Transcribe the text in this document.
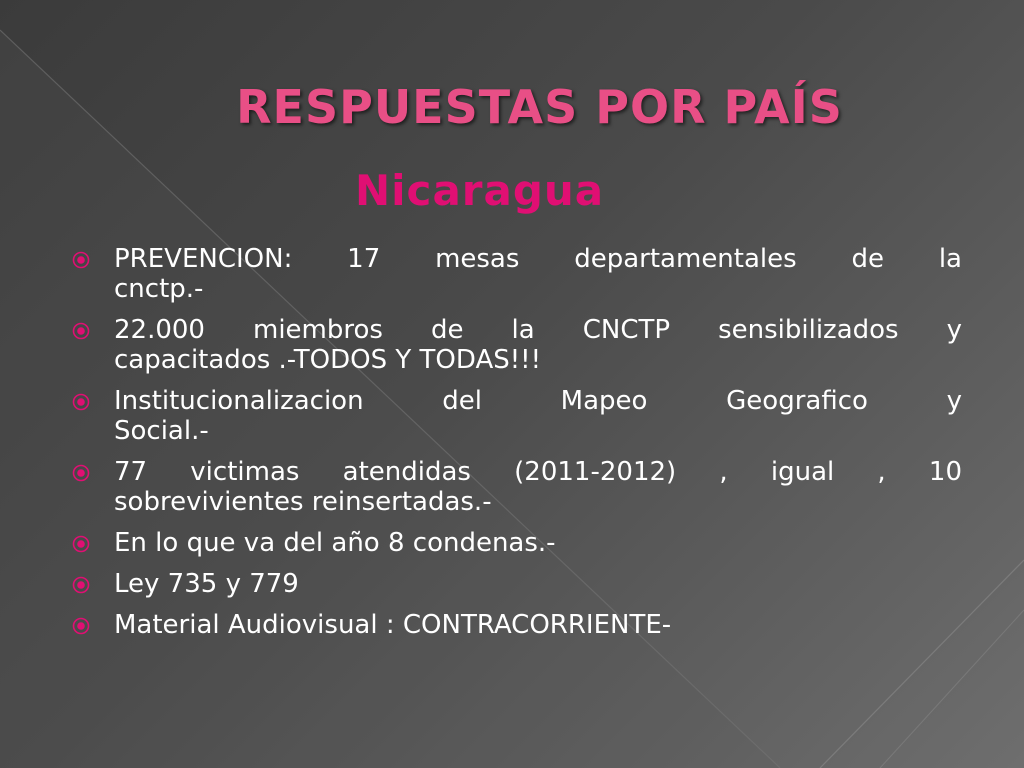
RESPUESTAS POR PAÍS
Nicaragua
PREVENCION: 17 mesas departamentales de la
cnctp.-
22.000 miembros de la CNCTP sensibilizados y
capacitados .-TODOS Y TODAS!!!
Institucionalizacion del Mapeo Geografico y
Social.-
77 victimas atendidas (2011-2012) , igual , 10
sobrevivientes reinsertadas.-
En lo que va del año 8 condenas.-
Ley 735 y 779
Material Audiovisual : CONTRACORRIENTE-
